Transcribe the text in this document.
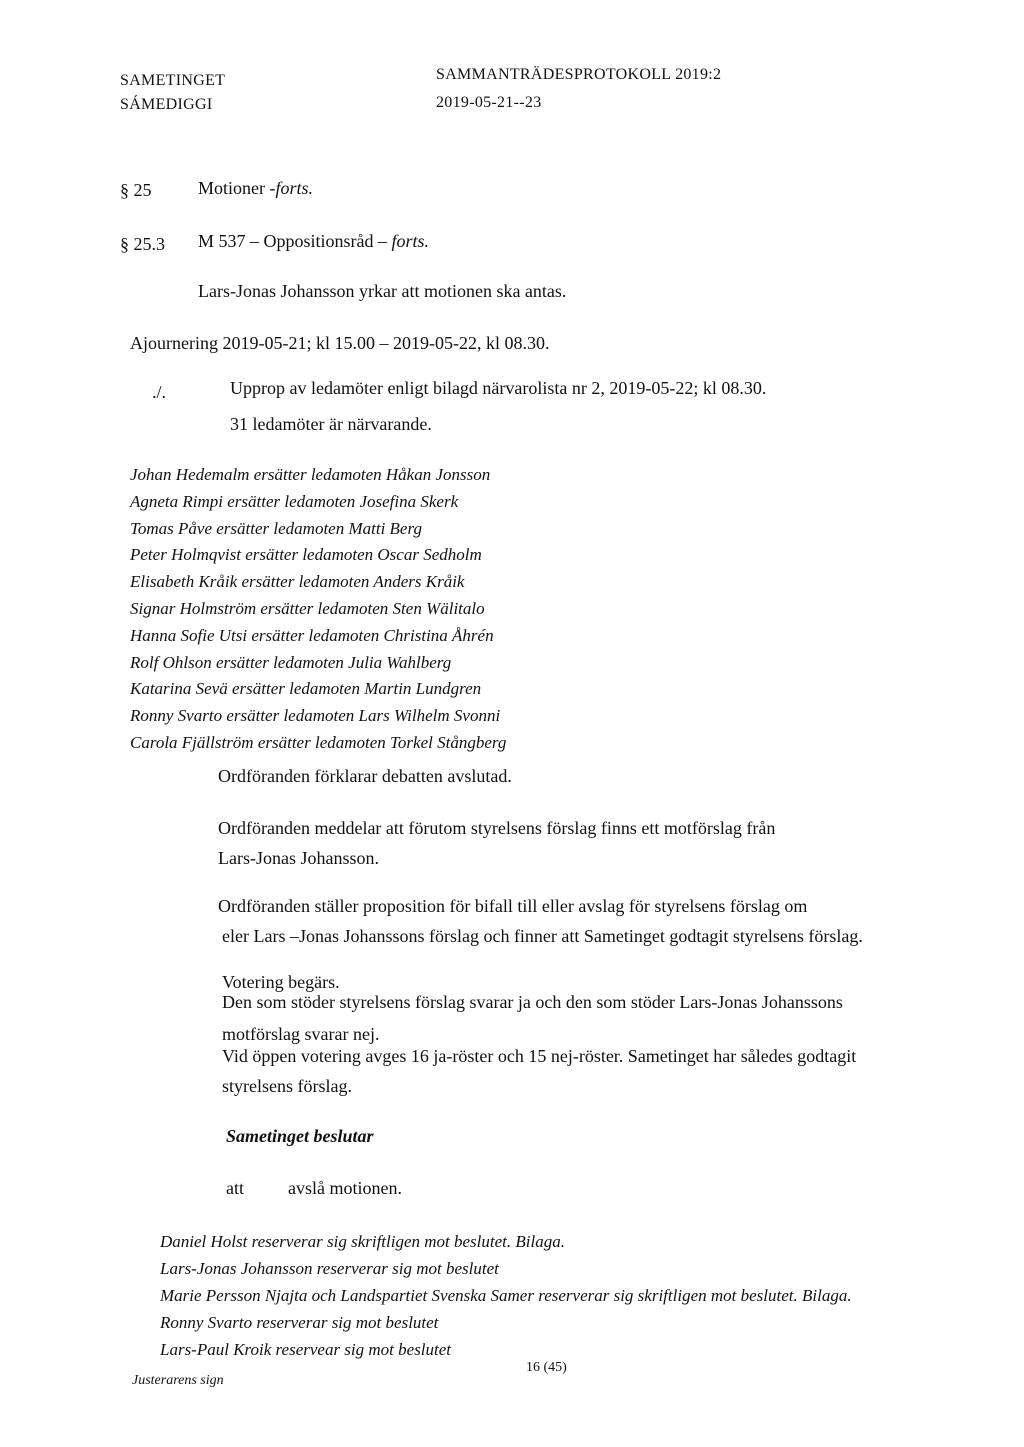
SAMETINGET
SÁMEDIGGI
SAMMANTRÄDESPROTOKOLL 2019:2
2019-05-21--23
§ 25	Motioner -forts.
§ 25.3 M 537 – Oppositionsråd – forts.
Lars-Jonas Johansson yrkar att motionen ska antas.
Ajournering 2019-05-21; kl 15.00 – 2019-05-22, kl 08.30.
./.	Upprop av ledamöter enligt bilagd närvarolista nr 2, 2019-05-22; kl 08.30.
31 ledamöter är närvarande.
Johan Hedemalm ersätter ledamoten Håkan Jonsson
Agneta Rimpi ersätter ledamoten Josefina Skerk
Tomas Påve ersätter ledamoten Matti Berg
Peter Holmqvist ersätter ledamoten Oscar Sedholm
Elisabeth Kråik ersätter ledamoten Anders Kråik
Signar Holmström ersätter ledamoten Sten Wälitalo
Hanna Sofie Utsi ersätter ledamoten Christina Åhrén
Rolf Ohlson ersätter ledamoten Julia Wahlberg
Katarina Sevä ersätter ledamoten Martin Lundgren
Ronny Svarto ersätter ledamoten Lars Wilhelm Svonni
Carola Fjällström ersätter ledamoten Torkel Stångberg
Ordföranden förklarar debatten avslutad.
Ordföranden meddelar att förutom styrelsens förslag finns ett motförslag från
Lars-Jonas Johansson.
Ordföranden ställer proposition för bifall till eller avslag för styrelsens förslag om
eler Lars –Jonas Johanssons förslag och finner att Sametinget godtagit styrelsens förslag.
Votering begärs.
Den som stöder styrelsens förslag svarar ja och den som stöder Lars-Jonas Johanssons
motförslag svarar nej.
Vid öppen votering avges 16 ja-röster och 15 nej-röster. Sametinget har således godtagit
styrelsens förslag.
Sametinget beslutar
att avslå motionen.
Daniel Holst reserverar sig skriftligen mot beslutet. Bilaga.
Lars-Jonas Johansson reserverar sig mot beslutet
Marie Persson Njajta och Landspartiet Svenska Samer reserverar sig skriftligen mot beslutet. Bilaga.
Ronny Svarto reserverar sig mot beslutet
Lars-Paul Kroik reservear sig mot beslutet
Justerarens sign
16 (45)
